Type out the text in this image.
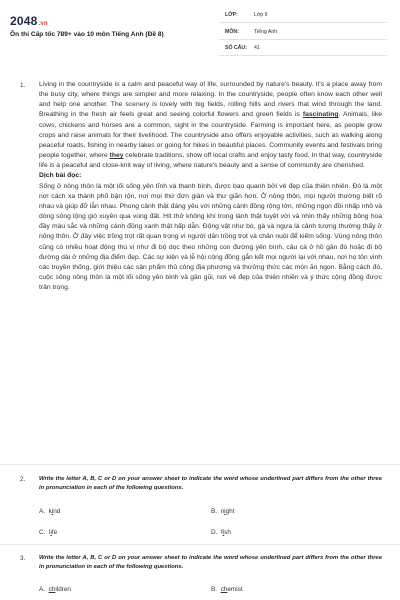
2048.vn
Ôn thi Cấp tốc 789+ vào 10 môn Tiếng Anh (Đề 8)
LỚP:	Lớp 9
MÔN:	Tiếng Anh
SỐ CÂU: 41
1. Living in the countryside is a calm and peaceful way of life, surrounded by nature's beauty. It's a place away from the busy city, where things are simpler and more relaxing. In the countryside, people often know each other well and help one another. The scenery is lovely with big fields, rolling hills and rivers that wind through the land. Breathing in the fresh air feels great and seeing colorful flowers and green fields is fascinating. Animals, like cows, chickens and horses are a common, sight in the countryside. Farming is important here, as people grow crops and raise animals for their livelihood. The countryside also offers enjoyable activities, such as walking along peaceful roads, fishing in nearby lakes or going for hikes in beautiful places. Community events and festivals bring people together, where they celebrate traditions, show off local crafts and enjoy tasty food. In that way, countryside life is a peaceful and close-knit way of living, where nature's beauty and a sense of community are cherished.

Dịch bài đọc:

Sống ở nông thôn là một lối sống yên tĩnh và thanh bình, được bao quanh bởi vẻ đẹp của thiên nhiên. Đó là một nơi cách xa thành phố bận rộn, nơi mọi thứ đơn giản và thư giãn hơn. Ở nông thôn, mọi người thường biết rõ nhau và giúp đỡ lẫn nhau. Phong cảnh thật đáng yêu với những cánh đồng rộng lớn, những ngọn đồi nhấp nhô và dòng sông lộng gió xuyên qua vùng đất. Hít thở không khí trong lành thật tuyệt vời và nhìn thấy những bông hoa đầy màu sắc và những cánh đồng xanh thật hấp dẫn. Động vật như bò, gà và ngựa là cảnh tượng thường thấy ở nông thôn. Ở đây việc trồng trọt rất quan trọng vì người dân trồng trọt và chăn nuôi để kiếm sống. Vùng nông thôn cũng có nhiều hoạt động thú vị như đi bộ dọc theo những con đường yên bình, câu cá ở hồ gần đó hoặc đi bộ đường dài ở những địa điểm đẹp. Các sự kiện và lễ hội cộng đồng gắn kết mọi người lại với nhau, nơi họ tôn vinh các truyền thống, giới thiệu các sản phẩm thủ công địa phương và thưởng thức các món ăn ngon. Bằng cách đó, cuộc sống nông thôn là một lối sống yên bình và gần gũi, nơi vẻ đẹp của thiên nhiên và ý thức cộng đồng được trân trọng.

2. Write the letter A, B, C or D on your answer sheet to indicate the word whose underlined part differs from the other three in pronunciation in each of the following questions.
A. kind	B. night
C. life	D. fish
3. Write the letter A, B, C or D on your answer sheet to indicate the word whose underlined part differs from the other three in pronunciation in each of the following questions.
A. children	B. chemist
